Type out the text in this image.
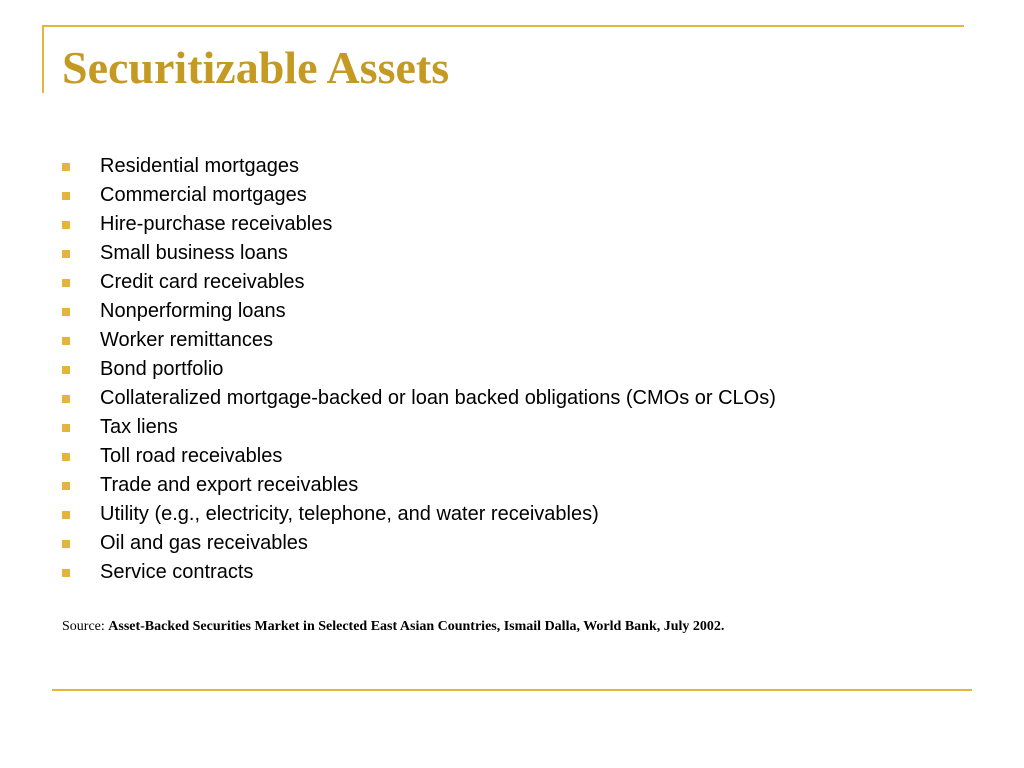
Securitizable Assets
Residential mortgages
Commercial mortgages
Hire-purchase receivables
Small business loans
Credit card receivables
Nonperforming loans
Worker remittances
Bond portfolio
Collateralized mortgage-backed or loan backed obligations (CMOs or CLOs)
Tax liens
Toll road receivables
Trade and export receivables
Utility (e.g., electricity, telephone, and water receivables)
Oil and gas receivables
Service contracts

Source: Asset-Backed Securities Market in Selected East Asian Countries, Ismail Dalla, World Bank, July 2002.
